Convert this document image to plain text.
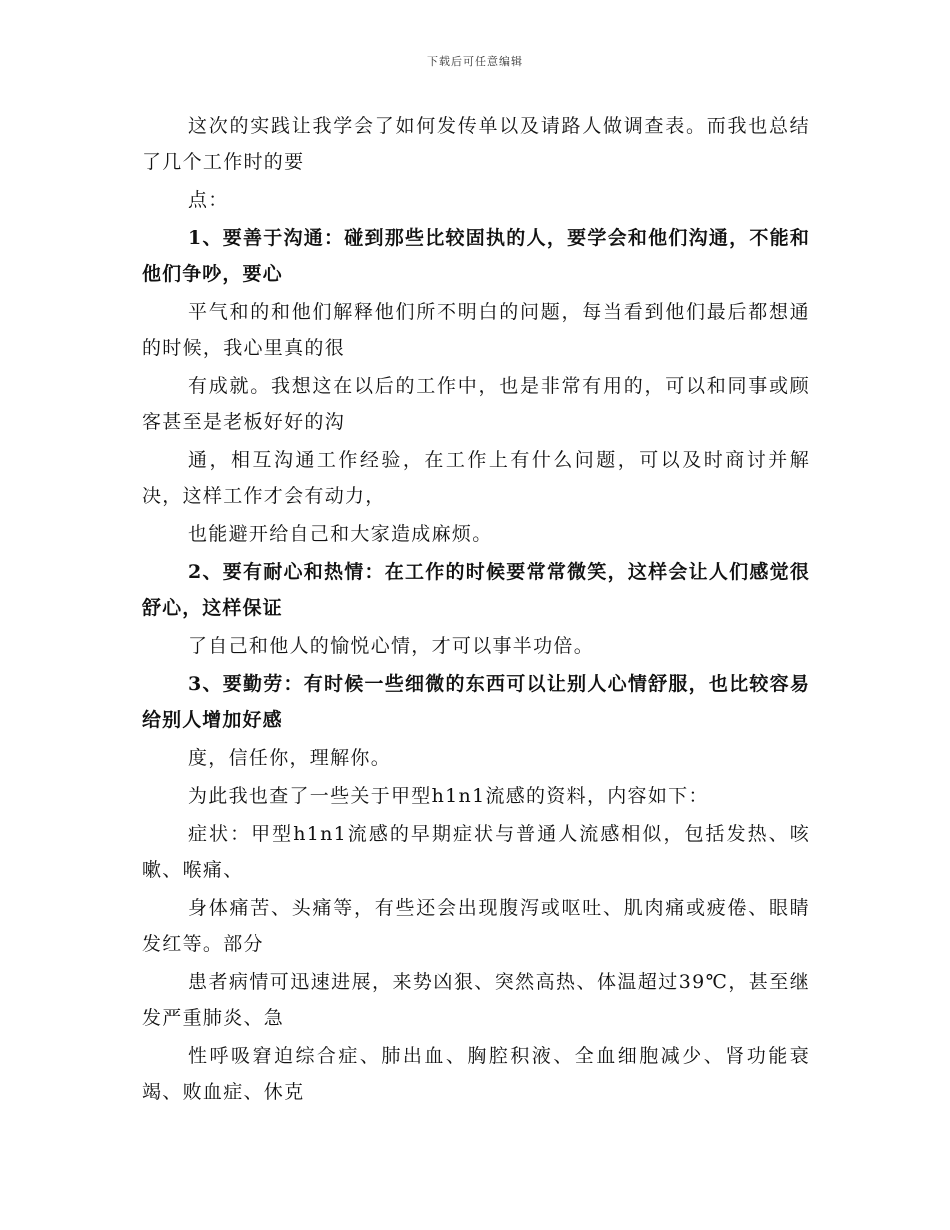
下载后可任意编辑

这次的实践让我学会了如何发传单以及请路人做调查表。而我也总结了几个工作时的要

点：

1、要善于沟通：碰到那些比较固执的人，要学会和他们沟通，不能和他们争吵，要心

平气和的和他们解释他们所不明白的问题，每当看到他们最后都想通的时候，我心里真的很

有成就。我想这在以后的工作中，也是非常有用的，可以和同事或顾客甚至是老板好好的沟

通，相互沟通工作经验，在工作上有什么问题，可以及时商讨并解决，这样工作才会有动力，

也能避开给自己和大家造成麻烦。

2、要有耐心和热情：在工作的时候要常常微笑，这样会让人们感觉很舒心，这样保证

了自己和他人的愉悦心情，才可以事半功倍。

3、要勤劳：有时候一些细微的东西可以让别人心情舒服，也比较容易给别人增加好感

度，信任你，理解你。

为此我也查了一些关于甲型h1n1流感的资料，内容如下：

症状：甲型h1n1流感的早期症状与普通人流感相似，包括发热、咳嗽、喉痛、

身体痛苦、头痛等，有些还会出现腹泻或呕吐、肌肉痛或疲倦、眼睛发红等。部分

患者病情可迅速进展，来势凶狠、突然高热、体温超过39℃，甚至继发严重肺炎、急

性呼吸窘迫综合症、肺出血、胸腔积液、全血细胞减少、肾功能衰竭、败血症、休克
